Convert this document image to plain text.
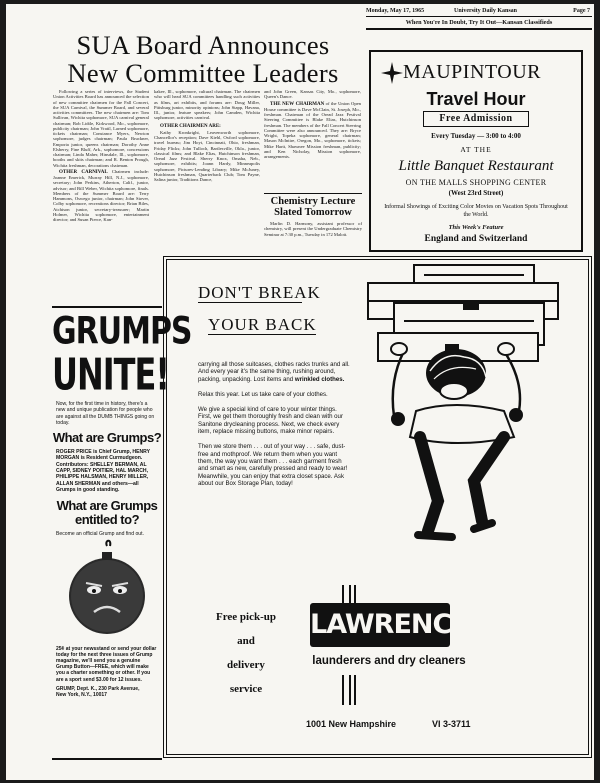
Monday, May 17, 1965	University Daily Kansan	Page 7
When You're In Doubt, Try It Out—Kansan Classifieds
SUA Board Announces
New Committee Leaders

Following a series of interviews, the Student Union Activities Board has announced the selection of new committee chairmen for the Fall Concert, the SUA Carnival, the Summer Board, and several activities committees. The new chairmen are: Tom Sullivan, Wichita sophomore, SUA carnival general chairman; Bob Lidtle, Kirkwood, Mo., sophomore, publicity chairman; John Vratil, Larned sophomore, tickets chairman; Constance Myers, Newton sophomore, judges chairman; Paula Bruckner, Emporia junior, queens chairman; Dorothy Anne Elsberry, Fine Bluff, Ark., sophomore, concessions chairman; Linda Maher, Hinsdale, Ill., sophomore, booths and skits chairman; and R. Benton Prough, Wichita freshman, decorations chairman.

OTHER CARNIVAL Chairmen include: Joanne Emerick, Murray Hill, N.J., sophomore, secretary; John Perkins, Atherton, Calif., junior, advisor; and Bill Weber, Wichita sophomore, finals. Members of the Summer Board are: Terry Hammons, Oswego junior, chairman; John Stover, Colby sophomore, recreations director; Brian Biles, Atchison junior, secretary-treasurer; Martin Holmer, Wichita sophomore, entertainment director; and Susan Pierce, Kan-

kakee, Ill., sophomore, cultural chairman. The chairmen who will head SUA committees handling such activities as films, art exhibits, and forums are: Doug Miller, Pittsburg junior, minority opinions; John Stapp, Havana, Ill., junior, feature speakers; John Camden, Wichita sophomore, activities carnival.

OTHER CHAIRMEN ARE:

Kathy Kronkright, Leavenworth sophomore, Chancellor's reception; Dave Kiehl, Oxford sophomore, travel bureau; Jim Hoyt, Cincinnati, Ohio, freshman, Friday Flicks; John Tulloch, Bartlesville, Okla., junior, classical films; and Blake Elias, Hutchinson freshman, Oread Jazz Festival. Sherry Knox, Omaha, Neb., sophomore, exhibits; Joann Hardy, Minneapolis sophomore, Pictures-Lending Library; Mike McJuney, Hutchinson freshman, Quarterback Club; Tom Payne, Salina junior, Traditions Dance,

and John Green, Kansas City, Mo., sophomore, Queen's Dance.

THE NEW CHAIRMAN of the Union Open House committee is Dave McClain, St. Joseph, Mo., freshman. Chairman of the Oread Jazz Festival Steering Committee is Blake Elias, Hutchinson freshman. The members of the Fall Concert Steering Committee were also announced. They are: Bryce Wright, Topeka sophomore, general chairman; Mason McIntire, Oregon, Mo., sophomore, tickets; Mike Hartt, Shawnee Mission freshman, publicity; and Ken Nicholay, Mission sophomore, arrangements.

Chemistry Lecture
Slated Tomorrow

Marlin D. Harmony, assistant professor of chemistry, will present the Undergraduate Chemistry Seminar at 7:30 p.m., Tuesday in 172 Malott.

GRUMPS
UNITE!
Now, for the first time in history, there's a new and unique publication for people who are against all the DUMB THINGS going on today.
What are Grumps?
ROGER PRICE is Chief Grump, HENRY MORGAN is Resident Curmudgeon. Contributors: SHELLEY BERMAN, AL CAPP, SIDNEY POITIER, HAL MARCH, PHILIPPE HALSMAN, HENRY MILLER, ALLAN SHERMAN and others—all Grumps in good standing.
What are Grumps
entitled to?
Become an official Grump and find out.
25¢ at your newsstand or send your dollar today for the next three issues of Grump magazine, we'll send you a genuine Grump Button—FREE, which will make you a charter something or other. If you are a sport send $3.00 for 12 issues.
GRUMP, Dept. K., 230 Park Avenue,
New York, N.Y., 10017
MAUPINTOUR
Travel Hour
Free Admission
Every Tuesday — 3:00 to 4:00
AT THE
Little Banquet Restaurant
ON THE MALLS SHOPPING CENTER
(West 23rd Street)
Informal Showings of Exciting Color Movies on Vacation Spots Throughout the World.
This Week's Feature
England and Switzerland
DON'T BREAK
YOUR BACK
carrying all those suitcases, clothes racks trunks and all. And every year it's the same thing, rushing around, packing, unpacking. Lost items and wrinkled clothes.
Relax this year. Let us take care of your clothes.
We give a special kind of care to your winter things. First, we get them thoroughly fresh and clean with our Sanitone drycleaning process. Next, we check every item, replace missing buttons, make minor repairs.
Then we store them . . . out of your way . . . safe, dust-free and mothproof. We return them when you want them, the way you want them . . . each garment fresh and smart as new, carefully pressed and ready to wear! Meanwhile, you can enjoy that extra closet space. Ask about our Box Storage Plan, today!
Free pick-up
and
delivery
service
LAWRENCE
launderers and dry cleaners
1001 New Hampshire	VI 3-3711
